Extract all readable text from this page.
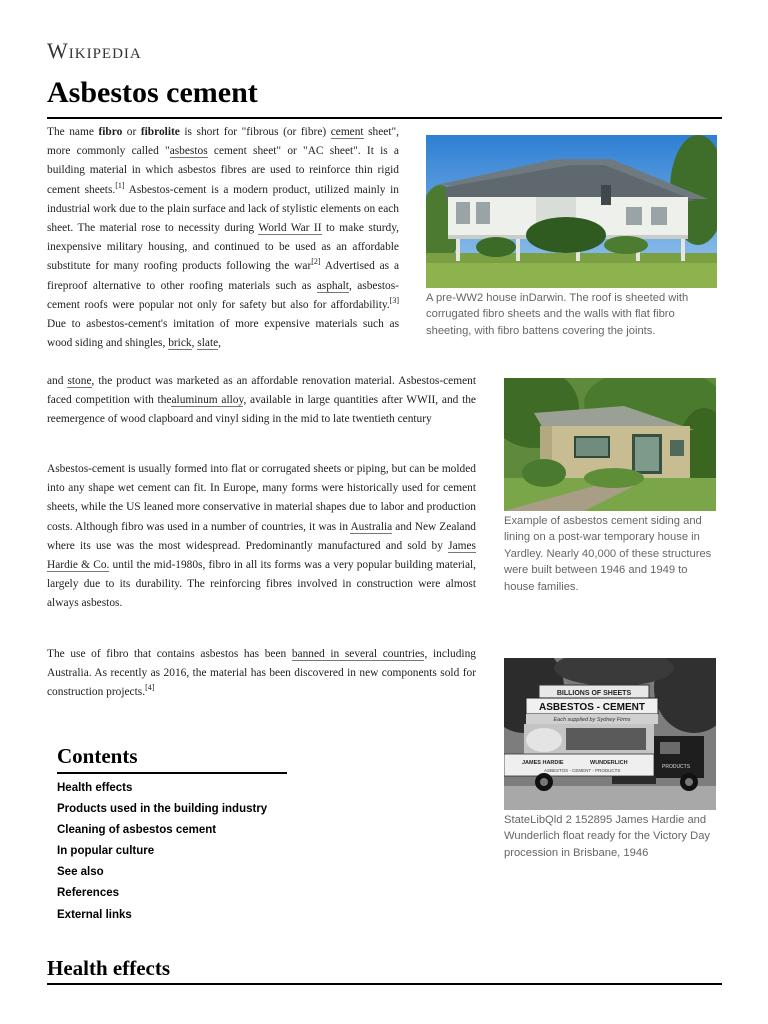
Wikipedia
Asbestos cement
The name fibro or fibrolite is short for "fibrous (or fibre) cement sheet", more commonly called "asbestos cement sheet" or "AC sheet". It is a building material in which asbestos fibres are used to reinforce thin rigid cement sheets.[1] Asbestos-cement is a modern product, utilized mainly in industrial work due to the plain surface and lack of stylistic elements on each sheet. The material rose to necessity during World War II to make sturdy, inexpensive military housing, and continued to be used as an affordable substitute for many roofing products following the war[2] Advertised as a fireproof alternative to other roofing materials such as asphalt, asbestos-cement roofs were popular not only for safety but also for affordability.[3] Due to asbestos-cement's imitation of more expensive materials such as wood siding and shingles, brick, slate,
and stone, the product was marketed as an affordable renovation material. Asbestos-cement faced competition with thealuminum alloy, available in large quantities after WWII, and the reemergence of wood clapboard and vinyl siding in the mid to late twentieth century
Asbestos-cement is usually formed into flat or corrugated sheets or piping, but can be molded into any shape wet cement can fit. In Europe, many forms were historically used for cement sheets, while the US leaned more conservative in material shapes due to labor and production costs. Although fibro was used in a number of countries, it was in Australia and New Zealand where its use was the most widespread. Predominantly manufactured and sold by James Hardie & Co. until the mid-1980s, fibro in all its forms was a very popular building material, largely due to its durability. The reinforcing fibres involved in construction were almost always asbestos.
The use of fibro that contains asbestos has been banned in several countries, including Australia. As recently as 2016, the material has been discovered in new components sold for construction projects.[4]
A pre-WW2 house inDarwin. The roof is sheeted with corrugated fibro sheets and the walls with flat fibro sheeting, with fibro battens covering the joints.
Example of asbestos cement siding and lining on a post-war temporary house in Yardley. Nearly 40,000 of these structures were built between 1946 and 1949 to house families.
BILLIONS OF SHEETS
ASBESTOS - CEMENT
Each supplied by Sydney Firms
JAMES HARDIE	WUNDERLICH
ASBESTOS - CEMENT - PRODUCTS
PRODUCTS
StateLibQld 2 152895 James Hardie and Wunderlich float ready for the Victory Day procession in Brisbane, 1946
Contents
Health effects
Products used in the building industry
Cleaning of asbestos cement
In popular culture
See also
References
External links
Health effects
